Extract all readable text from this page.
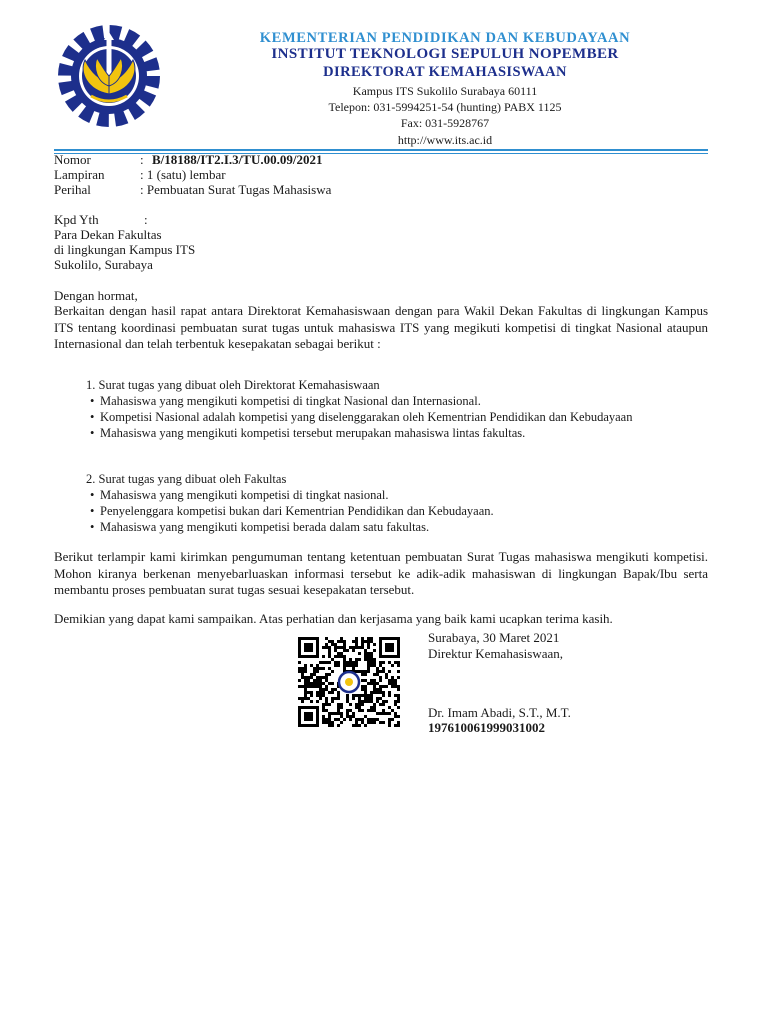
KEMENTERIAN PENDIDIKAN DAN KEBUDAYAAN
INSTITUT TEKNOLOGI SEPULUH NOPEMBER
DIREKTORAT KEMAHASISWAAN
Kampus ITS Sukolilo Surabaya 60111
Telepon: 031-5994251-54 (hunting) PABX 1125
Fax: 031-5928767
http://www.its.ac.id
Nomor	: B/18188/IT2.I.3/TU.00.09/2021
Lampiran	: 1 (satu) lembar
Perihal	: Pembuatan Surat Tugas Mahasiswa
Kpd Yth	:
Para Dekan Fakultas
di lingkungan Kampus ITS
Sukolilo, Surabaya
Dengan hormat,
Berkaitan dengan hasil rapat antara Direktorat Kemahasiswaan dengan para Wakil Dekan Fakultas di lingkungan Kampus ITS tentang koordinasi pembuatan surat tugas untuk mahasiswa ITS yang megikuti kompetisi di tingkat Nasional ataupun Internasional dan telah terbentuk kesepakatan sebagai berikut :
1. Surat tugas yang dibuat oleh Direktorat Kemahasiswaan
• Mahasiswa yang mengikuti kompetisi di tingkat Nasional dan Internasional.
• Kompetisi Nasional adalah kompetisi yang diselenggarakan oleh Kementrian Pendidikan dan Kebudayaan
• Mahasiswa yang mengikuti kompetisi tersebut merupakan mahasiswa lintas fakultas.
2. Surat tugas yang dibuat oleh Fakultas
• Mahasiswa yang mengikuti kompetisi di tingkat nasional.
• Penyelenggara kompetisi bukan dari Kementrian Pendidikan dan Kebudayaan.
• Mahasiswa yang mengikuti kompetisi berada dalam satu fakultas.
Berikut terlampir kami kirimkan pengumuman tentang ketentuan pembuatan Surat Tugas mahasiswa mengikuti kompetisi. Mohon kiranya berkenan menyebarluaskan informasi tersebut ke adik-adik mahasiswan di lingkungan Bapak/Ibu serta membantu proses pembuatan surat tugas sesuai kesepakatan tersebut.
Demikian yang dapat kami sampaikan. Atas perhatian dan kerjasama yang baik kami ucapkan terima kasih.
Surabaya, 30 Maret 2021
Direktur Kemahasiswaan,
Dr. Imam Abadi, S.T., M.T.
197610061999031002
